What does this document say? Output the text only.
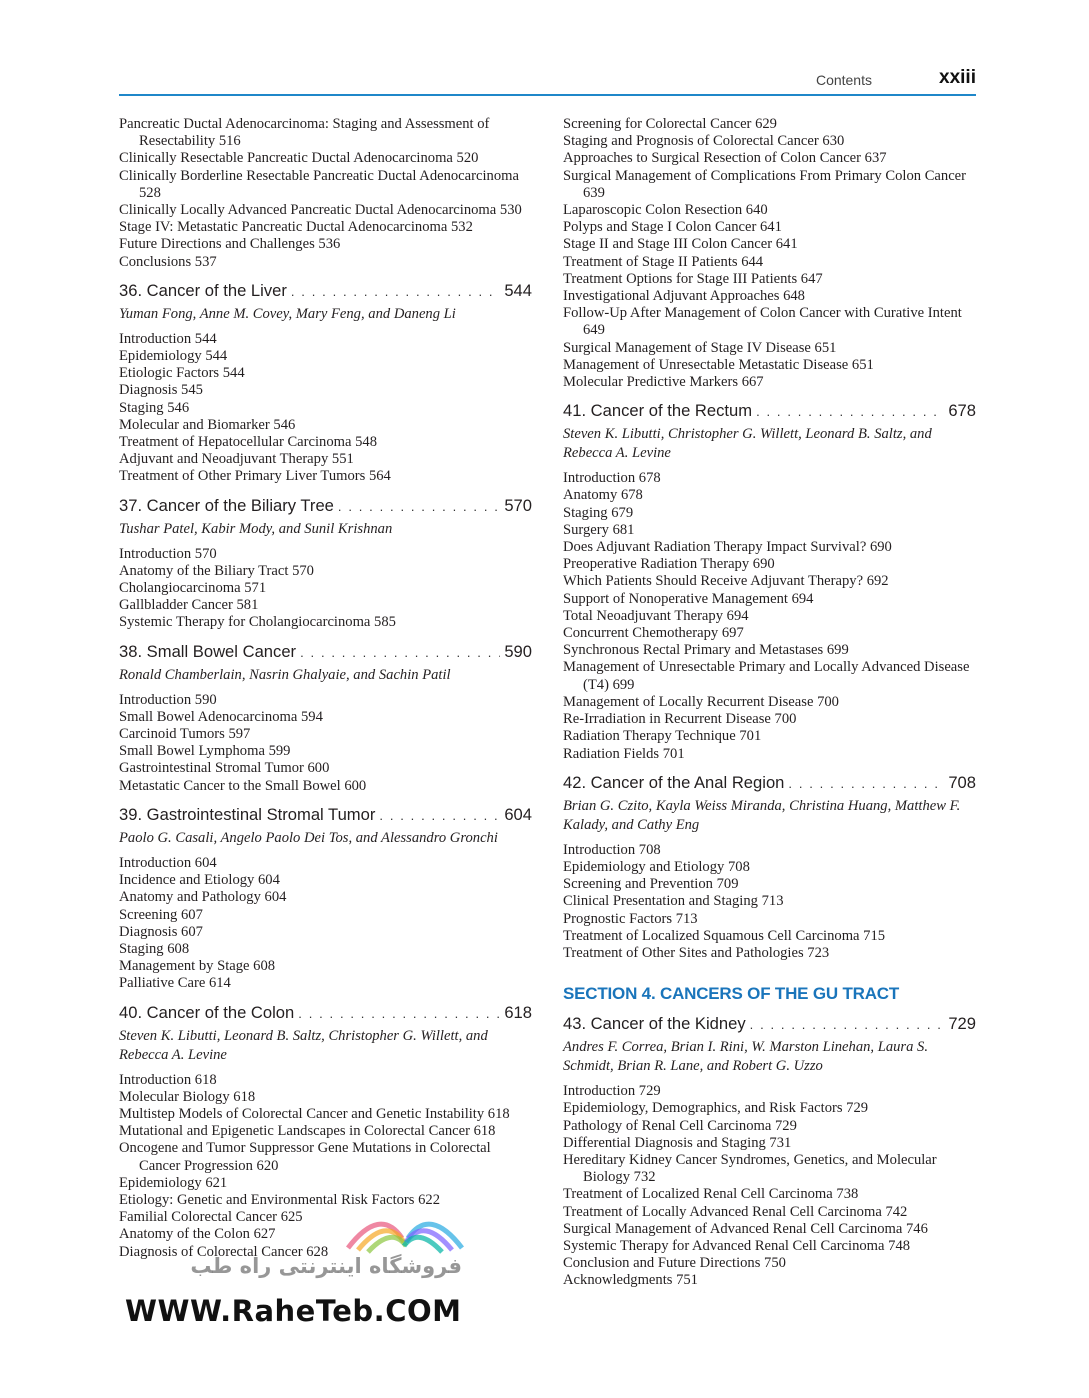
Contents	xxiii
Pancreatic Ductal Adenocarcinoma: Staging and Assessment of Resectability 516
Clinically Resectable Pancreatic Ductal Adenocarcinoma 520
Clinically Borderline Resectable Pancreatic Ductal Adenocarcinoma 528
Clinically Locally Advanced Pancreatic Ductal Adenocarcinoma 530
Stage IV: Metastatic Pancreatic Ductal Adenocarcinoma 532
Future Directions and Challenges 536
Conclusions 537
36. Cancer of the Liver . . .	544
Yuman Fong, Anne M. Covey, Mary Feng, and Daneng Li
Introduction 544
Epidemiology 544
Etiologic Factors 544
Diagnosis 545
Staging 546
Molecular and Biomarker 546
Treatment of Hepatocellular Carcinoma 548
Adjuvant and Neoadjuvant Therapy 551
Treatment of Other Primary Liver Tumors 564
37. Cancer of the Biliary Tree . . .	570
Tushar Patel, Kabir Mody, and Sunil Krishnan
Introduction 570
Anatomy of the Biliary Tract 570
Cholangiocarcinoma 571
Gallbladder Cancer 581
Systemic Therapy for Cholangiocarcinoma 585
38. Small Bowel Cancer . . .	590
Ronald Chamberlain, Nasrin Ghalyaie, and Sachin Patil
Introduction 590
Small Bowel Adenocarcinoma 594
Carcinoid Tumors 597
Small Bowel Lymphoma 599
Gastrointestinal Stromal Tumor 600
Metastatic Cancer to the Small Bowel 600
39. Gastrointestinal Stromal Tumor . . .	604
Paolo G. Casali, Angelo Paolo Dei Tos, and Alessandro Gronchi
Introduction 604
Incidence and Etiology 604
Anatomy and Pathology 604
Screening 607
Diagnosis 607
Staging 608
Management by Stage 608
Palliative Care 614
40. Cancer of the Colon . . .	618
Steven K. Libutti, Leonard B. Saltz, Christopher G. Willett, and Rebecca A. Levine
Introduction 618
Molecular Biology 618
Multistep Models of Colorectal Cancer and Genetic Instability 618
Mutational and Epigenetic Landscapes in Colorectal Cancer 618
Oncogene and Tumor Suppressor Gene Mutations in Colorectal Cancer Progression 620
Epidemiology 621
Etiology: Genetic and Environmental Risk Factors 622
Familial Colorectal Cancer 625
Anatomy of the Colon 627
Diagnosis of Colorectal Cancer 628
Screening for Colorectal Cancer 629
Staging and Prognosis of Colorectal Cancer 630
Approaches to Surgical Resection of Colon Cancer 637
Surgical Management of Complications From Primary Colon Cancer 639
Laparoscopic Colon Resection 640
Polyps and Stage I Colon Cancer 641
Stage II and Stage III Colon Cancer 641
Treatment of Stage II Patients 644
Treatment Options for Stage III Patients 647
Investigational Adjuvant Approaches 648
Follow-Up After Management of Colon Cancer with Curative Intent 649
Surgical Management of Stage IV Disease 651
Management of Unresectable Metastatic Disease 651
Molecular Predictive Markers 667
41. Cancer of the Rectum . . .	678
Steven K. Libutti, Christopher G. Willett, Leonard B. Saltz, and Rebecca A. Levine
Introduction 678
Anatomy 678
Staging 679
Surgery 681
Does Adjuvant Radiation Therapy Impact Survival? 690
Preoperative Radiation Therapy 690
Which Patients Should Receive Adjuvant Therapy? 692
Support of Nonoperative Management 694
Total Neoadjuvant Therapy 694
Concurrent Chemotherapy 697
Synchronous Rectal Primary and Metastases 699
Management of Unresectable Primary and Locally Advanced Disease (T4) 699
Management of Locally Recurrent Disease 700
Re-Irradiation in Recurrent Disease 700
Radiation Therapy Technique 701
Radiation Fields 701
42. Cancer of the Anal Region . . .	708
Brian G. Czito, Kayla Weiss Miranda, Christina Huang, Matthew F. Kalady, and Cathy Eng
Introduction 708
Epidemiology and Etiology 708
Screening and Prevention 709
Clinical Presentation and Staging 713
Prognostic Factors 713
Treatment of Localized Squamous Cell Carcinoma 715
Treatment of Other Sites and Pathologies 723
SECTION 4. CANCERS OF THE GU TRACT
43. Cancer of the Kidney . . .	729
Andres F. Correa, Brian I. Rini, W. Marston Linehan, Laura S. Schmidt, Brian R. Lane, and Robert G. Uzzo
Introduction 729
Epidemiology, Demographics, and Risk Factors 729
Pathology of Renal Cell Carcinoma 729
Differential Diagnosis and Staging 731
Hereditary Kidney Cancer Syndromes, Genetics, and Molecular Biology 732
Treatment of Localized Renal Cell Carcinoma 738
Treatment of Locally Advanced Renal Cell Carcinoma 742
Surgical Management of Advanced Renal Cell Carcinoma 746
Systemic Therapy for Advanced Renal Cell Carcinoma 748
Conclusion and Future Directions 750
Acknowledgments 751
فروشگاه اینترنتی راه طب
WWW.RaheTeb.COM
